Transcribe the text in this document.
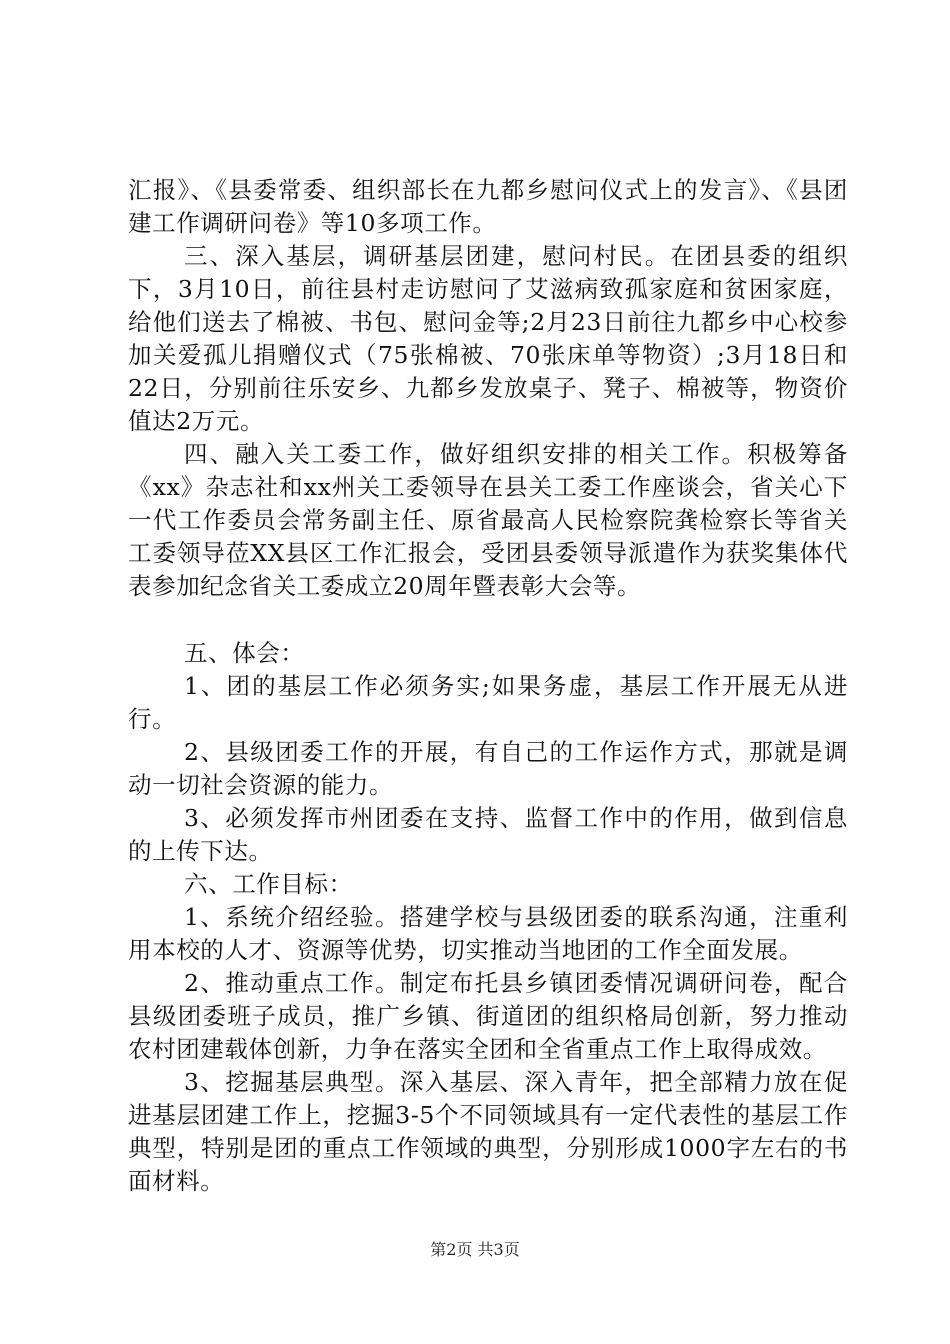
汇报》、《县委常委、组织部长在九都乡慰问仪式上的发言》、《县团建工作调研问卷》等10多项工作。

三、深入基层，调研基层团建，慰问村民。在团县委的组织下，3月10日，前往县村走访慰问了艾滋病致孤家庭和贫困家庭，给他们送去了棉被、书包、慰问金等;2月23日前往九都乡中心校参加关爱孤儿捐赠仪式（75张棉被、70张床单等物资）;3月18日和22日，分别前往乐安乡、九都乡发放桌子、凳子、棉被等，物资价值达2万元。

四、融入关工委工作，做好组织安排的相关工作。积极筹备《xx》杂志社和xx州关工委领导在县关工委工作座谈会，省关心下一代工作委员会常务副主任、原省最高人民检察院龚检察长等省关工委领导莅XX县区工作汇报会，受团县委领导派遣作为获奖集体代表参加纪念省关工委成立20周年暨表彰大会等。

五、体会：

1、团的基层工作必须务实;如果务虚，基层工作开展无从进行。

2、县级团委工作的开展，有自己的工作运作方式，那就是调动一切社会资源的能力。

3、必须发挥市州团委在支持、监督工作中的作用，做到信息的上传下达。

六、工作目标：

1、系统介绍经验。搭建学校与县级团委的联系沟通，注重利用本校的人才、资源等优势，切实推动当地团的工作全面发展。

2、推动重点工作。制定布托县乡镇团委情况调研问卷，配合县级团委班子成员，推广乡镇、街道团的组织格局创新，努力推动农村团建载体创新，力争在落实全团和全省重点工作上取得成效。

3、挖掘基层典型。深入基层、深入青年，把全部精力放在促进基层团建工作上，挖掘3-5个不同领域具有一定代表性的基层工作典型，特别是团的重点工作领域的典型，分别形成1000字左右的书面材料。

第2页 共3页
